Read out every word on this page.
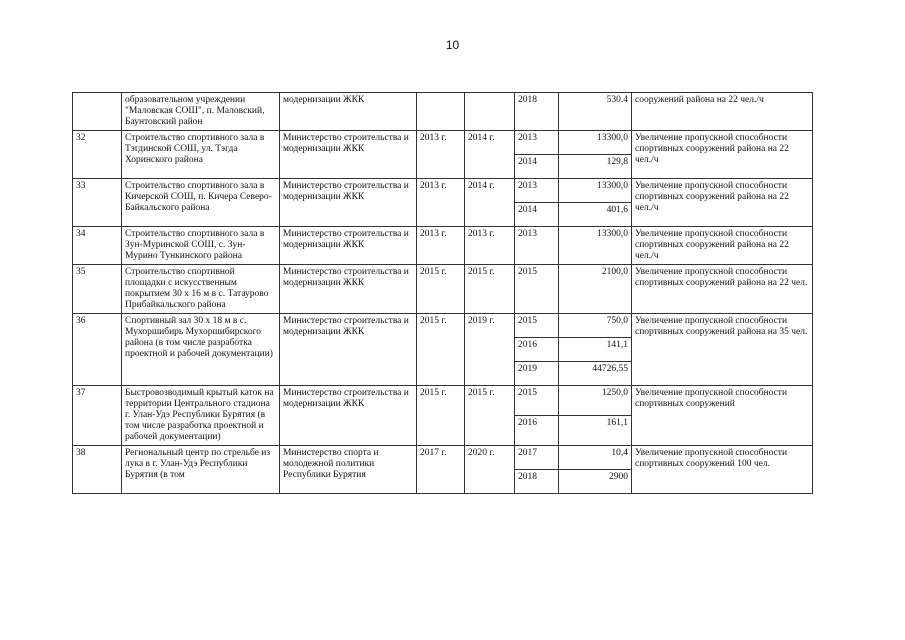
10
	образовательном учреждении "Маловская СОШ", п. Маловский, Баунтовский район	модернизации ЖКК			2018	530.4	сооружений района на 22 чел./ч
32	Строительство спортивного зала в Тэгдинской СОШ, ул. Тэгда Хоринского района	Министерство строительства и модернизации ЖКК	2013 г.	2014 г.	2013	13300,0	Увеличение пропускной способности спортивных сооружений района на 22 чел./ч
					2014	129,8	
33	Строительство спортивного зала в Кичерской СОШ, п. Кичера Северо-Байкальского района	Министерство строительства и модернизации ЖКК	2013 г.	2014 г.	2013	13300,0	Увеличение пропускной способности спортивных сооружений района на 22 чел./ч
					2014	401,6	
34	Строительство спортивного зала в Зун-Муринской СОШ, с. Зун-Мурино Тункинского района	Министерство строительства и модернизации ЖКК	2013 г.	2013 г.	2013	13300,0	Увеличение пропускной способности спортивных сооружений района на 22 чел./ч
35	Строительство спортивной площадки с искусственным покрытием 30 х 16 м в с. Татаурово Прибайкальского района	Министерство строительства и модернизации ЖКК	2015 г.	2015 г.	2015	2100,0	Увеличение пропускной способности спортивных сооружений района на 22 чел.
36	Спортивный зал 30 х 18 м в с. Мухоршибирь Мухоршибирского района (в том числе разработка проектной и рабочей документации)	Министерство строительства и модернизации ЖКК	2015 г.	2019 г.	2015	750,0	Увеличение пропускной способности спортивных сооружений района на 35 чел.
					2016	141,1	
					2019	44726,55	
37	Быстровозводимый крытый каток на территории Центрального стадиона г. Улан-Удэ Республики Бурятия (в том числе разработка проектной и рабочей документации)	Министерство строительства и модернизации ЖКК	2015 г.	2015 г.	2015	1250,0	Увеличение пропускной способности спортивных сооружений
					2016	161,1	
38	Региональный центр по стрельбе из лука в г. Улан-Удэ Республики Бурятия (в том	Министерство спорта и молодежной политики Республики Бурятия	2017 г.	2020 г.	2017	10,4	Увеличение пропускной способности спортивных сооружений 100 чел.
					2018	2900	
